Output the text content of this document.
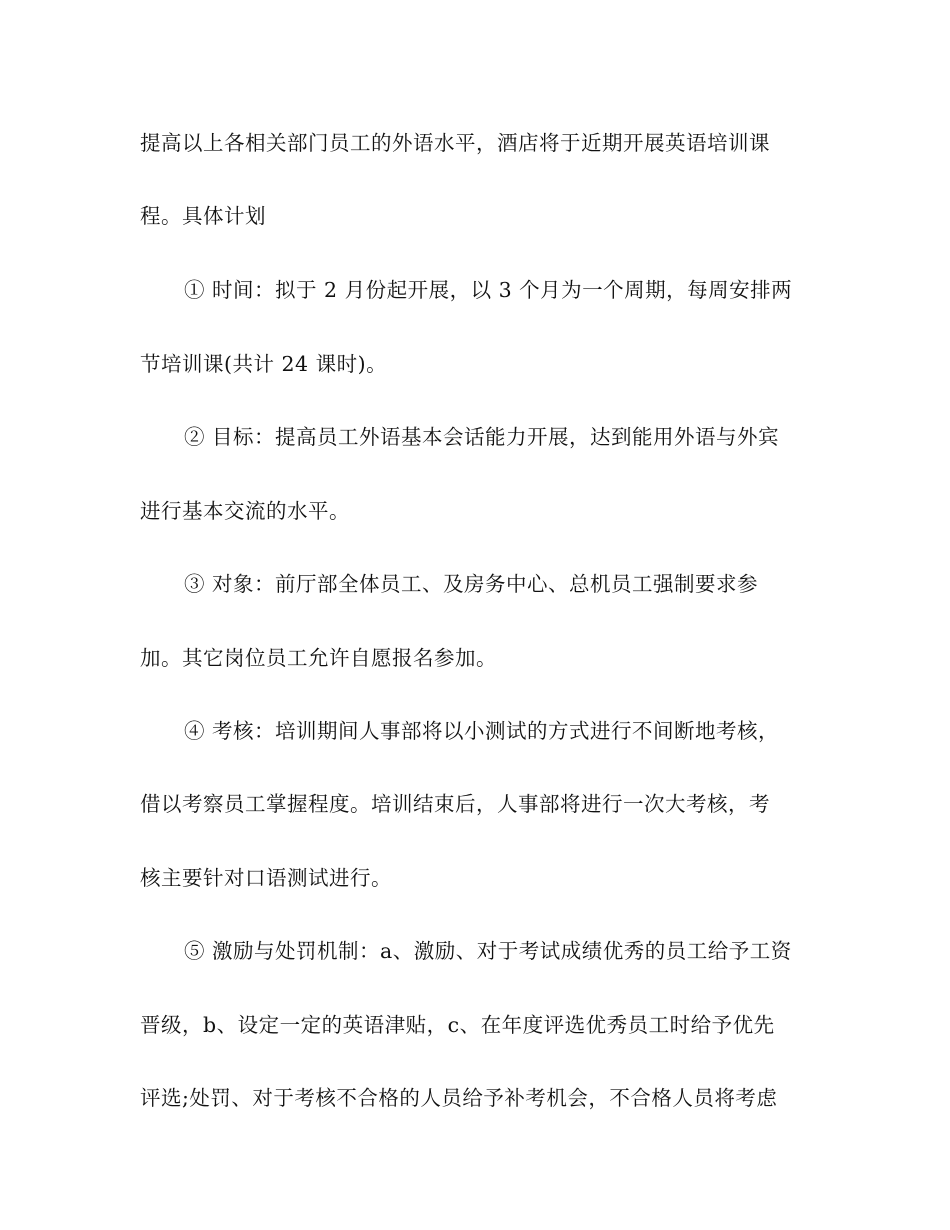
提高以上各相关部门员工的外语水平，酒店将于近期开展英语培训课
程。具体计划
① 时间：拟于 2 月份起开展，以 3 个月为一个周期，每周安排两
节培训课(共计 24 课时)。
② 目标：提高员工外语基本会话能力开展，达到能用外语与外宾
进行基本交流的水平。
③ 对象：前厅部全体员工、及房务中心、总机员工强制要求参
加。其它岗位员工允许自愿报名参加。
④ 考核：培训期间人事部将以小测试的方式进行不间断地考核，
借以考察员工掌握程度。培训结束后，人事部将进行一次大考核，考
核主要针对口语测试进行。
⑤ 激励与处罚机制：a、激励、对于考试成绩优秀的员工给予工资
晋级，b、设定一定的英语津贴，c、在年度评选优秀员工时给予优先
评选;处罚、对于考核不合格的人员给予补考机会，不合格人员将考虑
